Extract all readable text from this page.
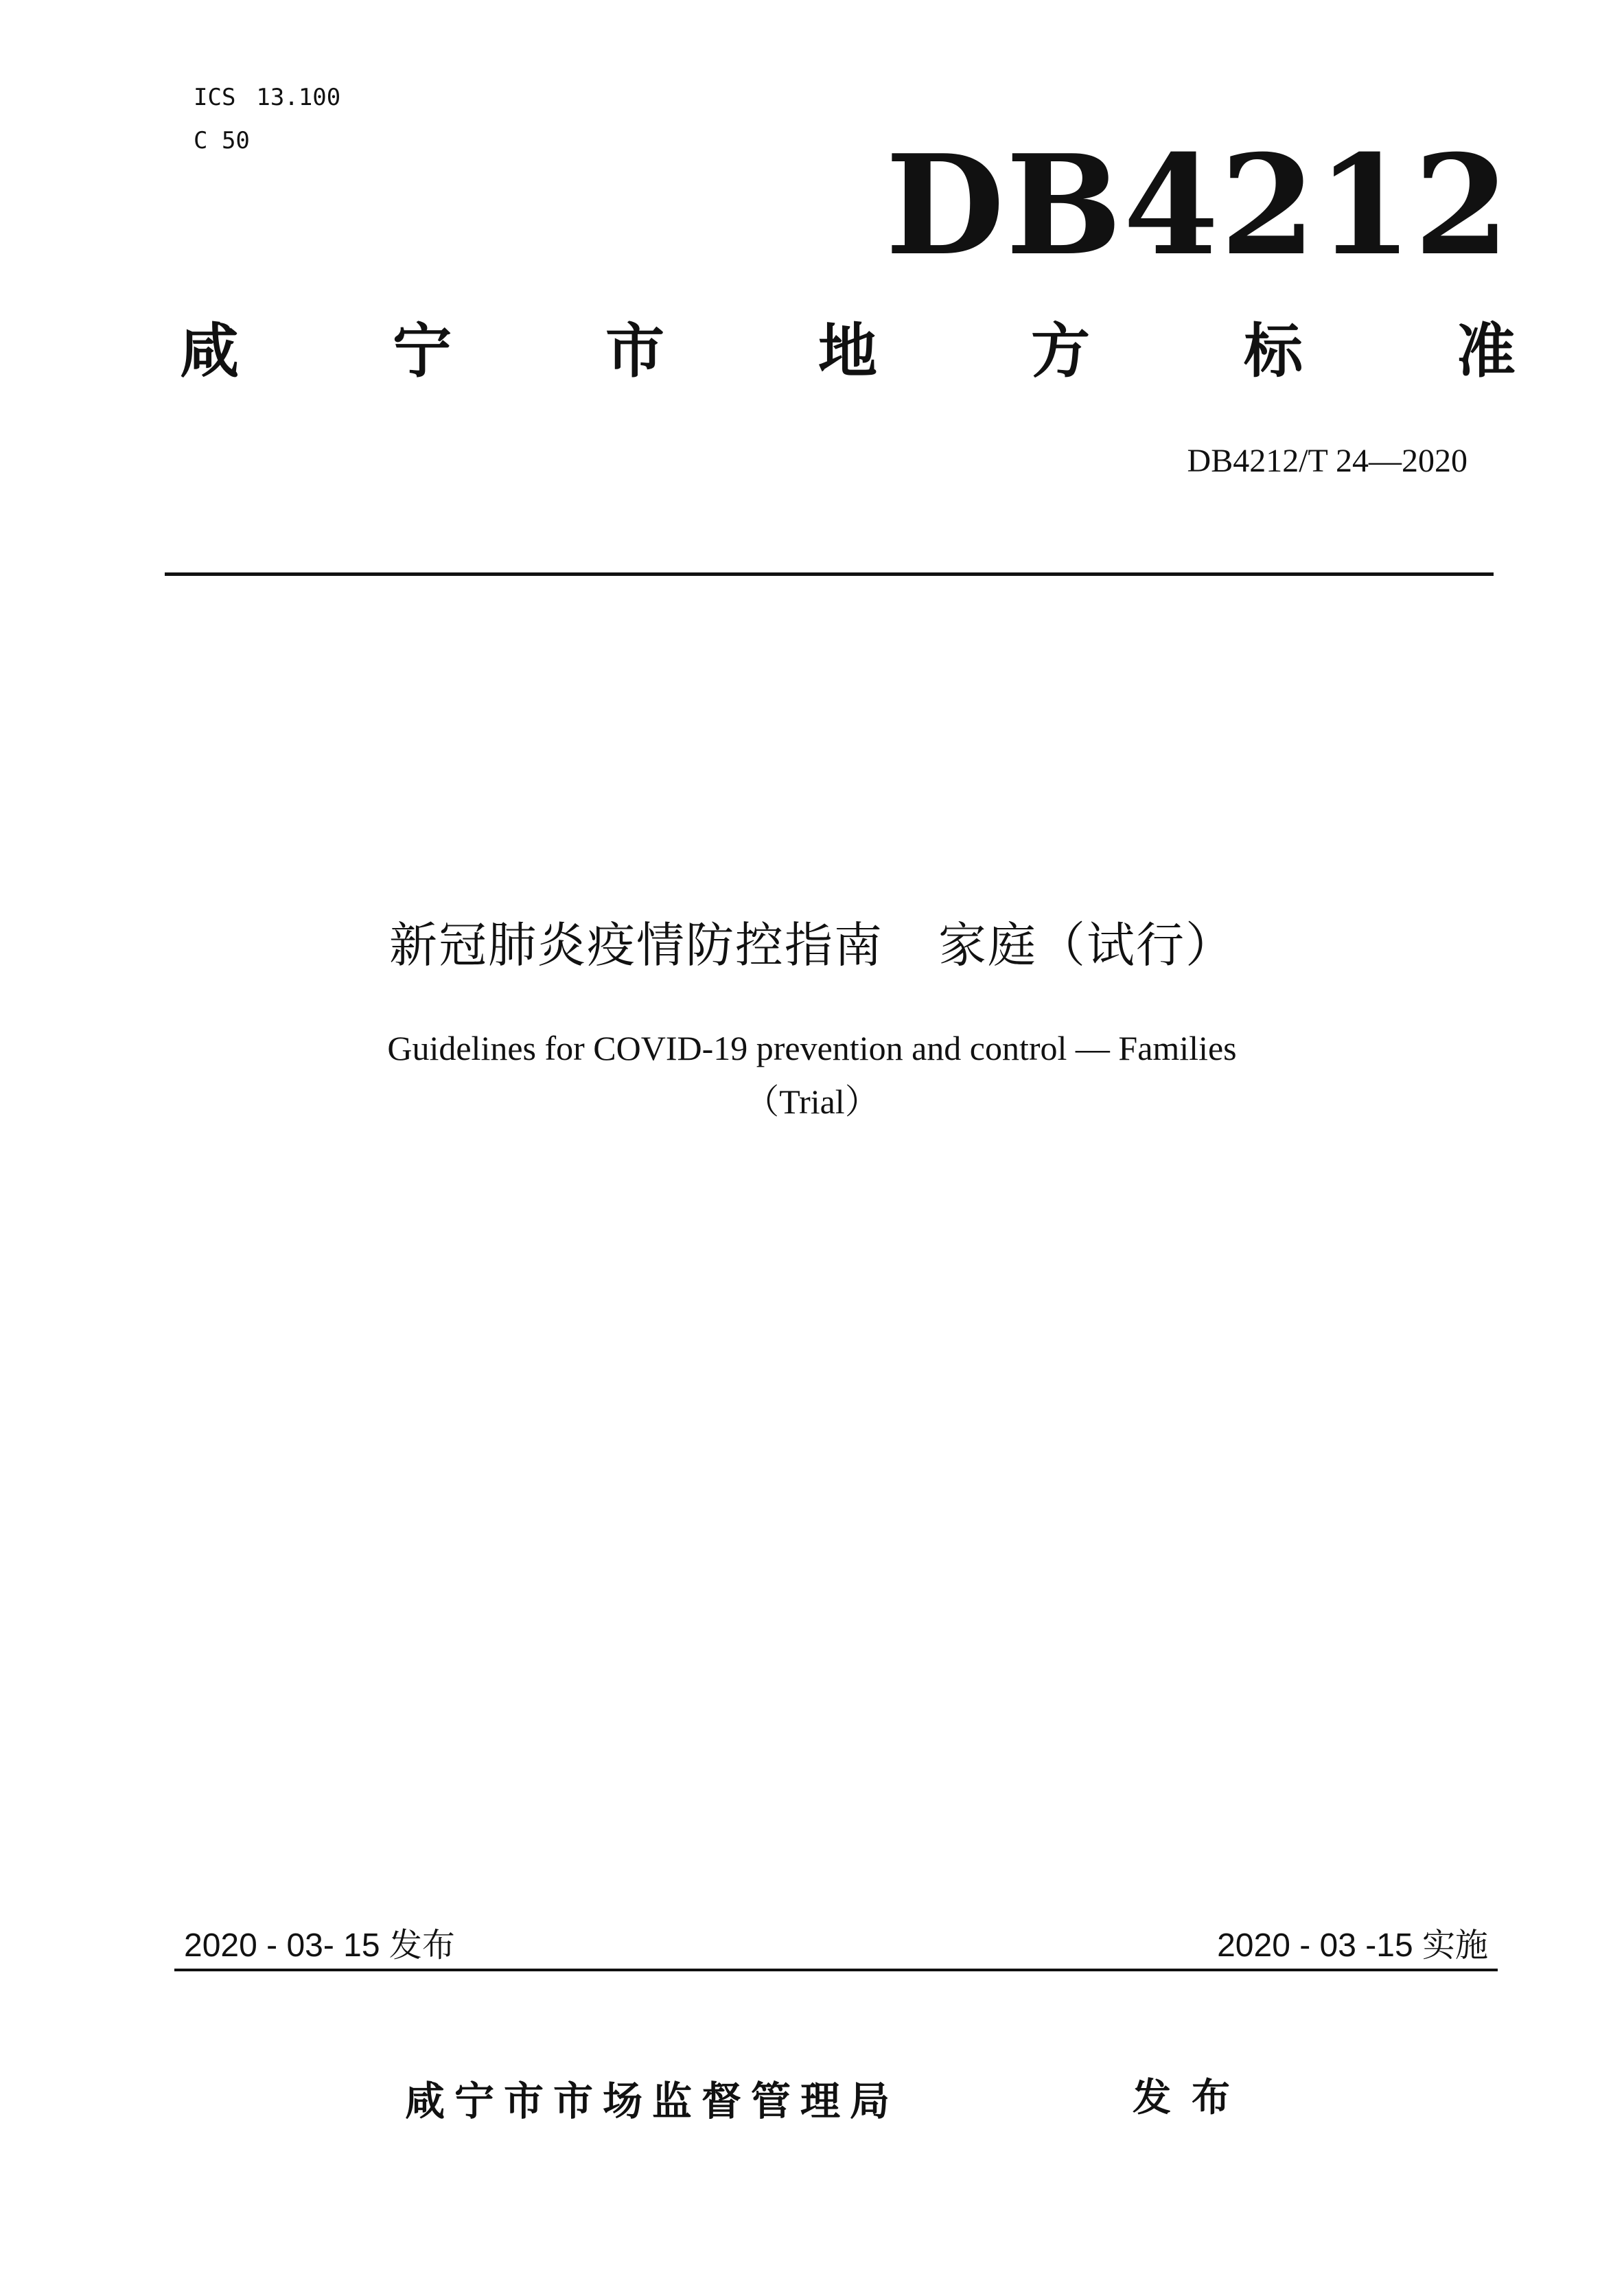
ICS 13.100
C 50	DB4212
咸	宁	市	地	方	标	准
DB4212/T 24—2020
新冠肺炎疫情防控指南 家庭（试行）
Guidelines for COVID-19 prevention and control — Families
（Trial）
2020 - 03- 15 发布	2020 - 03 -15 实施
咸宁市市场监督管理局	发布
